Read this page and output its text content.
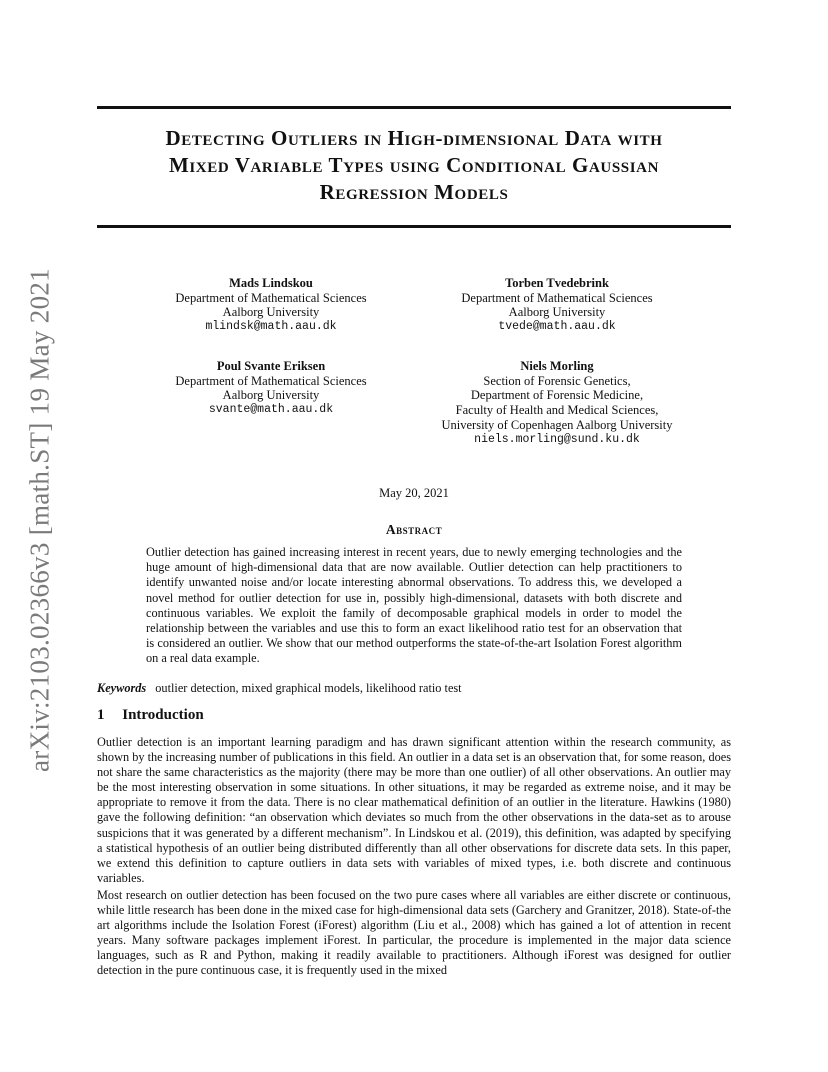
arXiv:2103.02366v3 [math.ST] 19 May 2021
Detecting Outliers in High-dimensional Data with
Mixed Variable Types using Conditional Gaussian
Regression Models
Mads Lindskou
Department of Mathematical Sciences
Aalborg University
mlindsk@math.aau.dk
Torben Tvedebrink
Department of Mathematical Sciences
Aalborg University
tvede@math.aau.dk
Poul Svante Eriksen
Department of Mathematical Sciences
Aalborg University
svante@math.aau.dk
Niels Morling
Section of Forensic Genetics,
Department of Forensic Medicine,
Faculty of Health and Medical Sciences,
University of Copenhagen Aalborg University
niels.morling@sund.ku.dk
May 20, 2021
Abstract

Outlier detection has gained increasing interest in recent years, due to newly emerging technologies and the huge amount of high-dimensional data that are now available. Outlier detection can help practitioners to identify unwanted noise and/or locate interesting abnormal observations. To address this, we developed a novel method for outlier detection for use in, possibly high-dimensional, datasets with both discrete and continuous variables. We exploit the family of decomposable graphical models in order to model the relationship between the variables and use this to form an exact likelihood ratio test for an observation that is considered an outlier. We show that our method outperforms the state-of-the-art Isolation Forest algorithm on a real data example.

Keywords outlier detection, mixed graphical models, likelihood ratio test
1 Introduction

Outlier detection is an important learning paradigm and has drawn significant attention within the research community, as shown by the increasing number of publications in this field. An outlier in a data set is an observation that, for some reason, does not share the same characteristics as the majority (there may be more than one outlier) of all other observations. An outlier may be the most interesting observation in some situations. In other situations, it may be regarded as extreme noise, and it may be appropriate to remove it from the data. There is no clear mathematical definition of an outlier in the literature. Hawkins (1980) gave the following definition: “an observation which deviates so much from the other observations in the data-set as to arouse suspicions that it was generated by a different mechanism”. In Lindskou et al. (2019), this definition, was adapted by specifying a statistical hypothesis of an outlier being distributed differently than all other observations for discrete data sets. In this paper, we extend this definition to capture outliers in data sets with variables of mixed types, i.e. both discrete and continuous variables.

Most research on outlier detection has been focused on the two pure cases where all variables are either discrete or continuous, while little research has been done in the mixed case for high-dimensional data sets (Garchery and Granitzer, 2018). State-of-the art algorithms include the Isolation Forest (iForest) algorithm (Liu et al., 2008) which has gained a lot of attention in recent years. Many software packages implement iForest. In particular, the procedure is implemented in the major data science languages, such as R and Python, making it readily available to practitioners. Although iForest was designed for outlier detection in the pure continuous case, it is frequently used in the mixed
